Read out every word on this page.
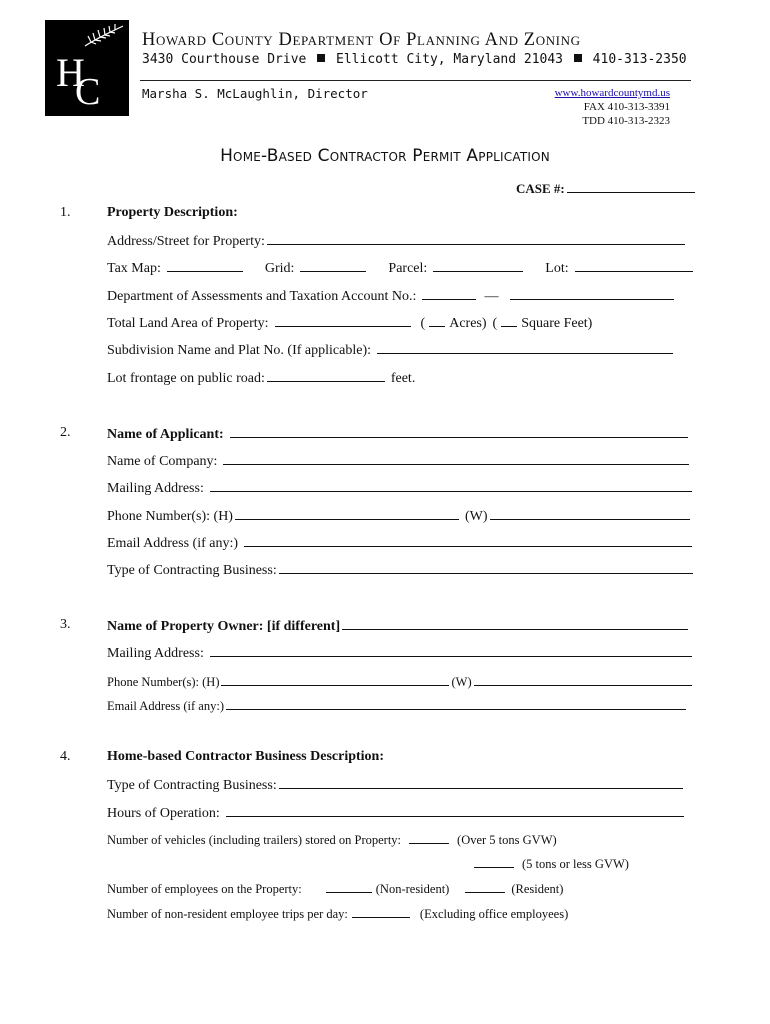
H
C
Howard County Department Of Planning And Zoning
3430 Courthouse Drive Ellicott City, Maryland 21043 410-313-2350
Marsha S. McLaughlin, Director	www.howardcountymd.us
FAX 410-313-3391
TDD 410-313-2323
Home-Based Contractor Permit Application
CASE #:
1.	Property Description:
Address/Street for Property:
Tax Map:	Grid:	Parcel:	Lot:
Department of Assessments and Taxation Account No.:	—
Total Land Area of Property:	( Acres) ( Square Feet)
Subdivision Name and Plat No. (If applicable):
Lot frontage on public road:	feet.
2.	Name of Applicant:
Name of Company:
Mailing Address:
Phone Number(s): (H)	(W)
Email Address (if any:)
Type of Contracting Business:
3.	Name of Property Owner: [if different]
Mailing Address:
Phone Number(s): (H)	(W)
Email Address (if any:)
4.	Home-based Contractor Business Description:
Type of Contracting Business:
Hours of Operation:
Number of vehicles (including trailers) stored on Property:	(Over 5 tons GVW)
(5 tons or less GVW)
Number of employees on the Property:	(Non-resident)	(Resident)
Number of non-resident employee trips per day:	(Excluding office employees)
